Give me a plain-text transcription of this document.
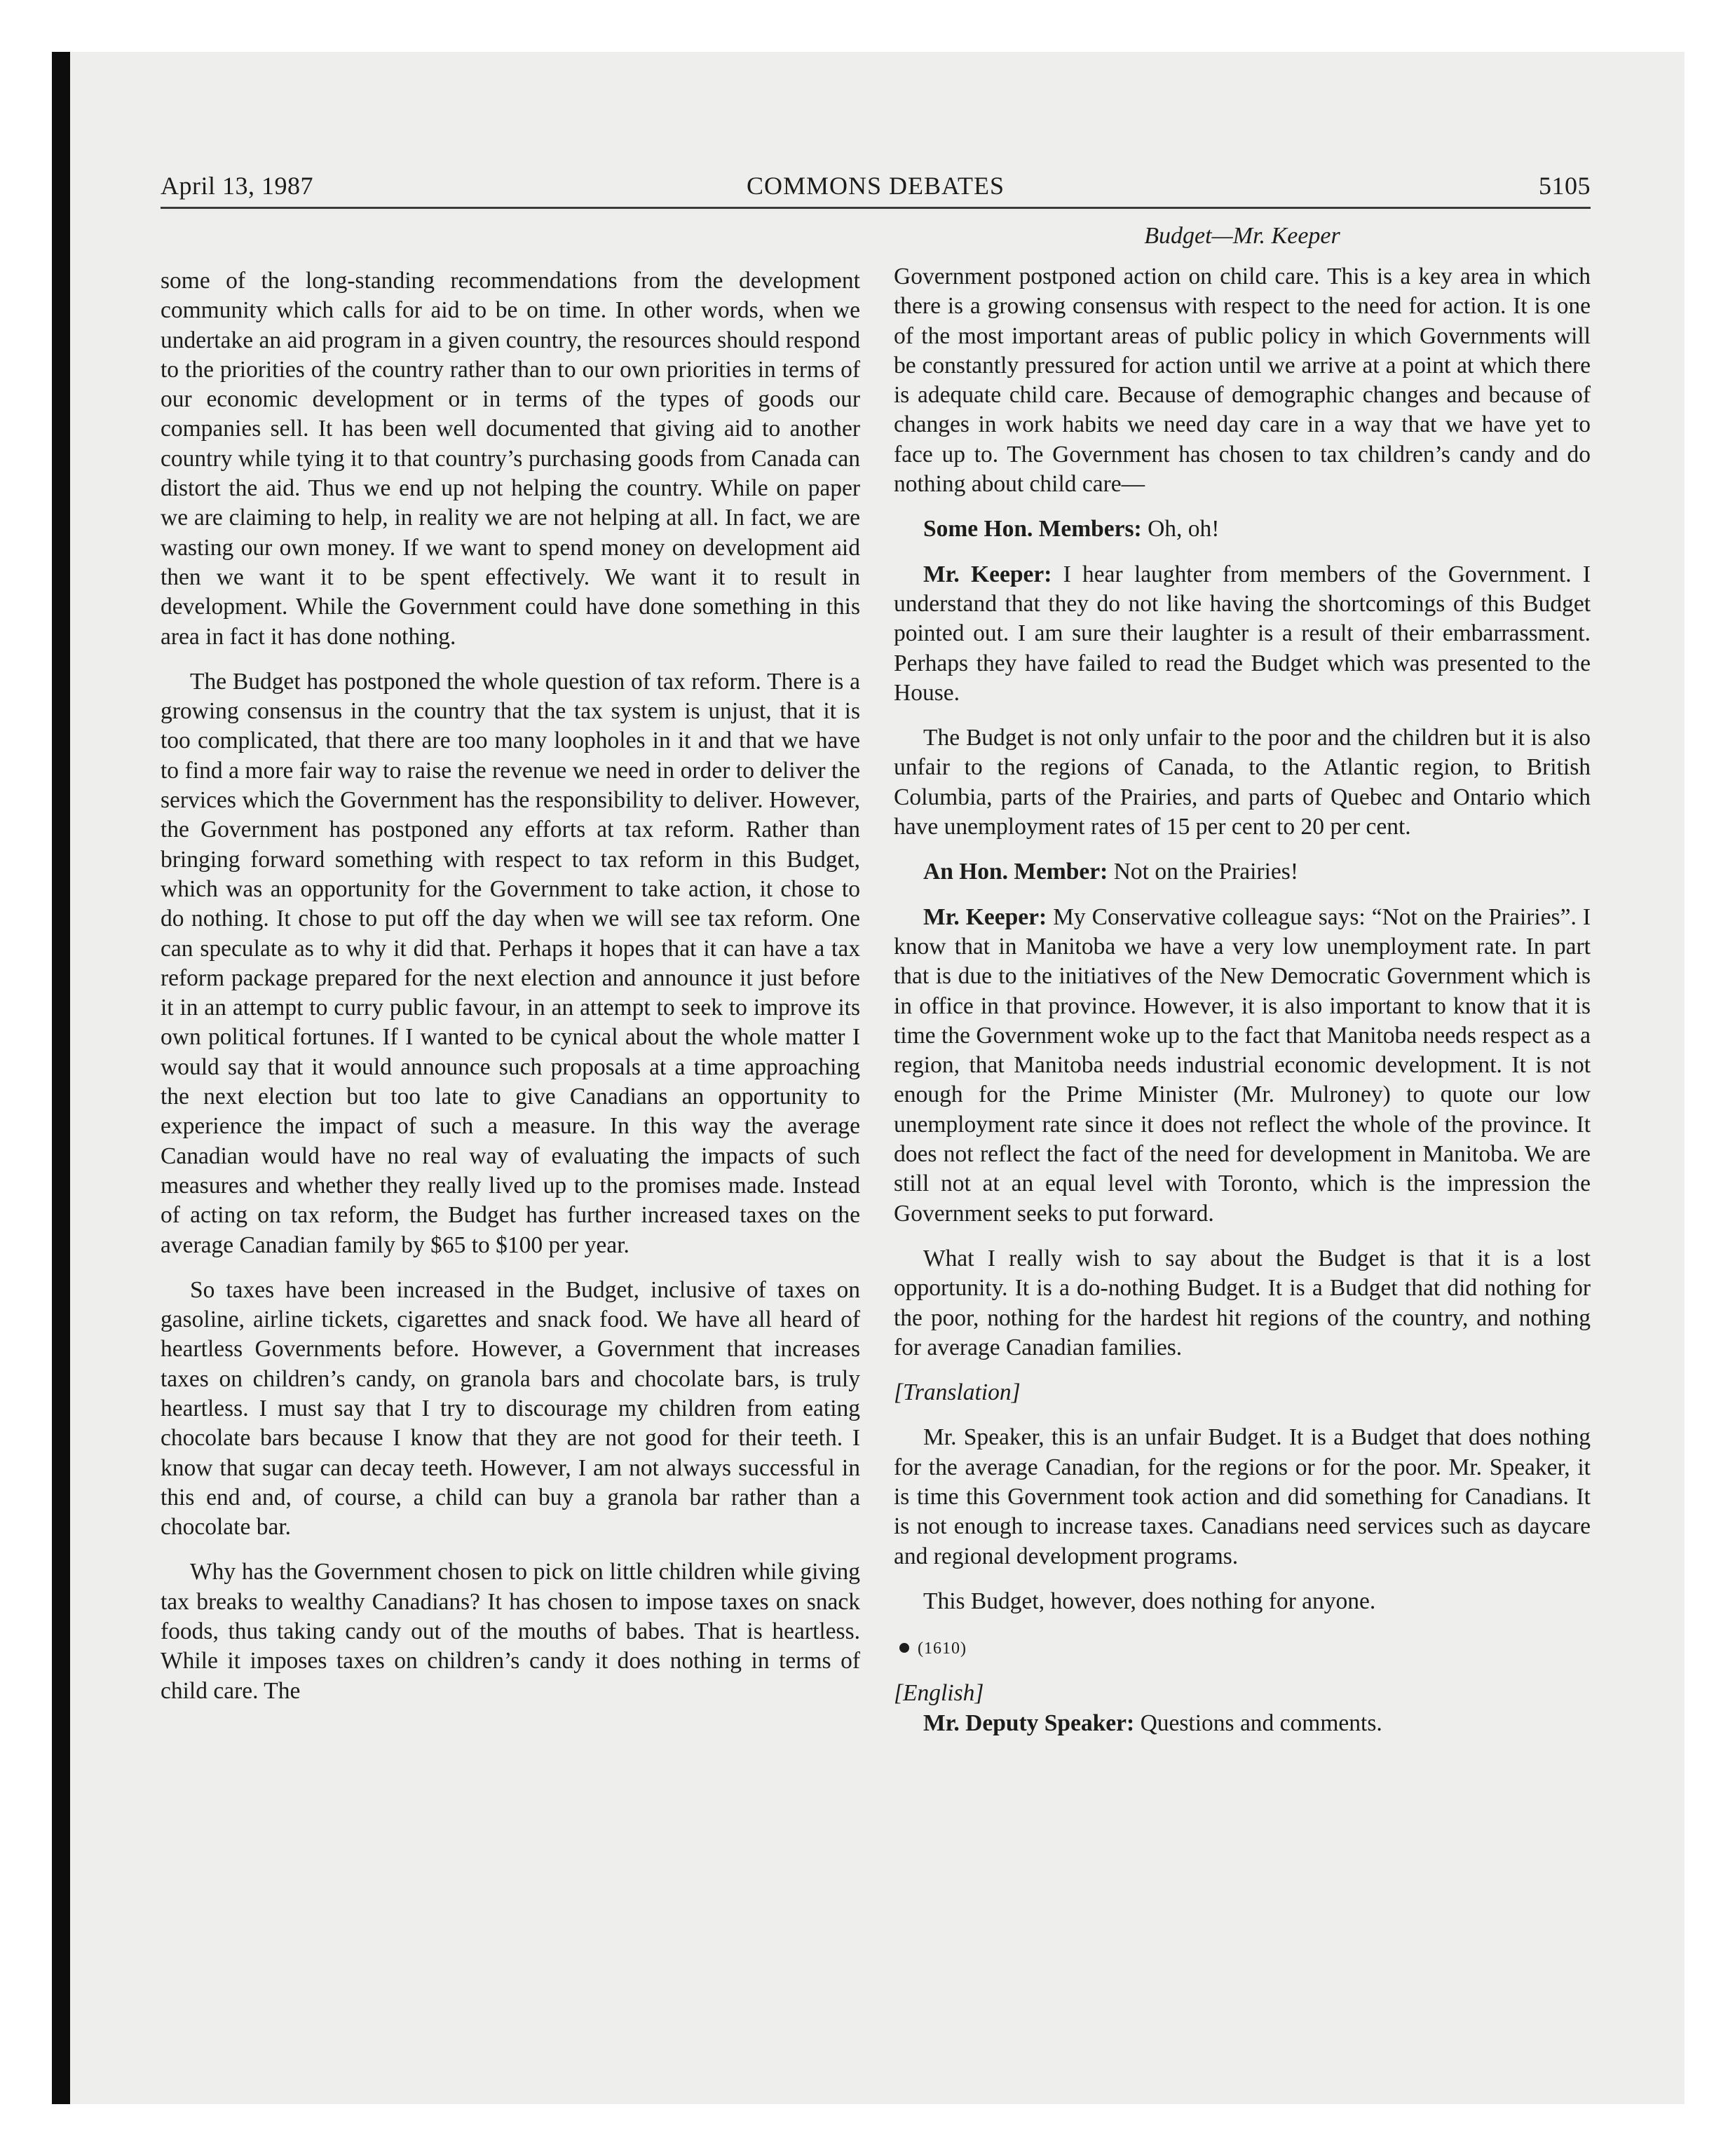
April 13, 1987	COMMONS DEBATES	5105
Budget—Mr. Keeper

some of the long-standing recommendations from the development community which calls for aid to be on time. In other words, when we undertake an aid program in a given country, the resources should respond to the priorities of the country rather than to our own priorities in terms of our economic development or in terms of the types of goods our companies sell. It has been well documented that giving aid to another country while tying it to that country’s purchasing goods from Canada can distort the aid. Thus we end up not helping the country. While on paper we are claiming to help, in reality we are not helping at all. In fact, we are wasting our own money. If we want to spend money on development aid then we want it to be spent effectively. We want it to result in development. While the Government could have done something in this area in fact it has done nothing.

The Budget has postponed the whole question of tax reform. There is a growing consensus in the country that the tax system is unjust, that it is too complicated, that there are too many loopholes in it and that we have to find a more fair way to raise the revenue we need in order to deliver the services which the Government has the responsibility to deliver. However, the Government has postponed any efforts at tax reform. Rather than bringing forward something with respect to tax reform in this Budget, which was an opportunity for the Government to take action, it chose to do nothing. It chose to put off the day when we will see tax reform. One can speculate as to why it did that. Perhaps it hopes that it can have a tax reform package prepared for the next election and announce it just before it in an attempt to curry public favour, in an attempt to seek to improve its own political fortunes. If I wanted to be cynical about the whole matter I would say that it would announce such proposals at a time approaching the next election but too late to give Canadians an opportunity to experience the impact of such a measure. In this way the average Canadian would have no real way of evaluating the impacts of such measures and whether they really lived up to the promises made. Instead of acting on tax reform, the Budget has further increased taxes on the average Canadian family by $65 to $100 per year.

So taxes have been increased in the Budget, inclusive of taxes on gasoline, airline tickets, cigarettes and snack food. We have all heard of heartless Governments before. However, a Government that increases taxes on children’s candy, on granola bars and chocolate bars, is truly heartless. I must say that I try to discourage my children from eating chocolate bars because I know that they are not good for their teeth. I know that sugar can decay teeth. However, I am not always successful in this end and, of course, a child can buy a granola bar rather than a chocolate bar.

Why has the Government chosen to pick on little children while giving tax breaks to wealthy Canadians? It has chosen to impose taxes on snack foods, thus taking candy out of the mouths of babes. That is heartless. While it imposes taxes on children’s candy it does nothing in terms of child care. The

Government postponed action on child care. This is a key area in which there is a growing consensus with respect to the need for action. It is one of the most important areas of public policy in which Governments will be constantly pressured for action until we arrive at a point at which there is adequate child care. Because of demographic changes and because of changes in work habits we need day care in a way that we have yet to face up to. The Government has chosen to tax children’s candy and do nothing about child care—

Some Hon. Members: Oh, oh!

Mr. Keeper: I hear laughter from members of the Government. I understand that they do not like having the shortcomings of this Budget pointed out. I am sure their laughter is a result of their embarrassment. Perhaps they have failed to read the Budget which was presented to the House.

The Budget is not only unfair to the poor and the children but it is also unfair to the regions of Canada, to the Atlantic region, to British Columbia, parts of the Prairies, and parts of Quebec and Ontario which have unemployment rates of 15 per cent to 20 per cent.

An Hon. Member: Not on the Prairies!

Mr. Keeper: My Conservative colleague says: “Not on the Prairies”. I know that in Manitoba we have a very low unemployment rate. In part that is due to the initiatives of the New Democratic Government which is in office in that province. However, it is also important to know that it is time the Government woke up to the fact that Manitoba needs respect as a region, that Manitoba needs industrial economic development. It is not enough for the Prime Minister (Mr. Mulroney) to quote our low unemployment rate since it does not reflect the whole of the province. It does not reflect the fact of the need for development in Manitoba. We are still not at an equal level with Toronto, which is the impression the Government seeks to put forward.

What I really wish to say about the Budget is that it is a lost opportunity. It is a do-nothing Budget. It is a Budget that did nothing for the poor, nothing for the hardest hit regions of the country, and nothing for average Canadian families.

[Translation]

Mr. Speaker, this is an unfair Budget. It is a Budget that does nothing for the average Canadian, for the regions or for the poor. Mr. Speaker, it is time this Government took action and did something for Canadians. It is not enough to increase taxes. Canadians need services such as daycare and regional development programs.

This Budget, however, does nothing for anyone.

(1610)

[English]

Mr. Deputy Speaker: Questions and comments.
